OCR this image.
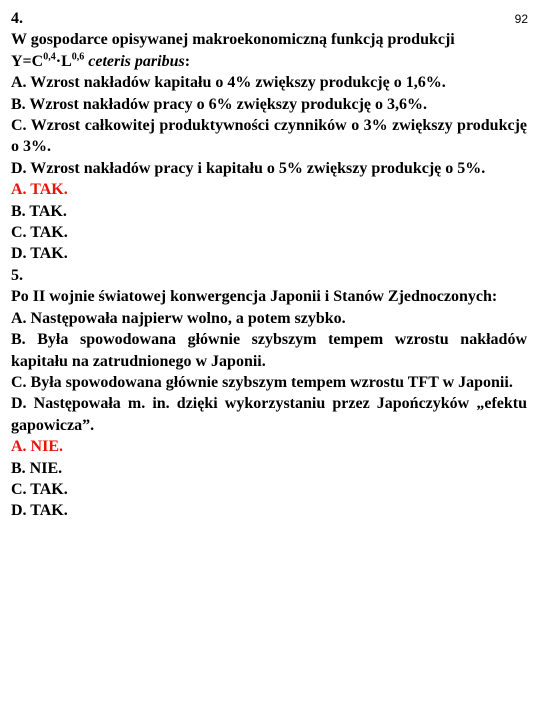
92

4.

W gospodarce opisywanej makroekonomiczną funkcją produkcji
$Y=C^{0,4}\cdot L^{0,6}$ ceteris paribus:

A. Wzrost nakładów kapitału o 4% zwiększy produkcję o 1,6%.

B. Wzrost nakładów pracy o 6% zwiększy produkcję o 3,6%.

C. Wzrost całkowitej produktywności czynników o 3% zwiększy produkcję o 3%.

D. Wzrost nakładów pracy i kapitału o 5% zwiększy produkcję o 5%.

A. TAK.

B. TAK.

C. TAK.

D. TAK.

5.

Po II wojnie światowej konwergencja Japonii i Stanów Zjednoczonych:

A. Następowała najpierw wolno, a potem szybko.

B. Była spowodowana głównie szybszym tempem wzrostu nakładów kapitału na zatrudnionego w Japonii.

C. Była spowodowana głównie szybszym tempem wzrostu TFT w Japonii.

D. Następowała m. in. dzięki wykorzystaniu przez Japończyków „efektu gapowicza”.

A. NIE.

B. NIE.

C. TAK.

D. TAK.
